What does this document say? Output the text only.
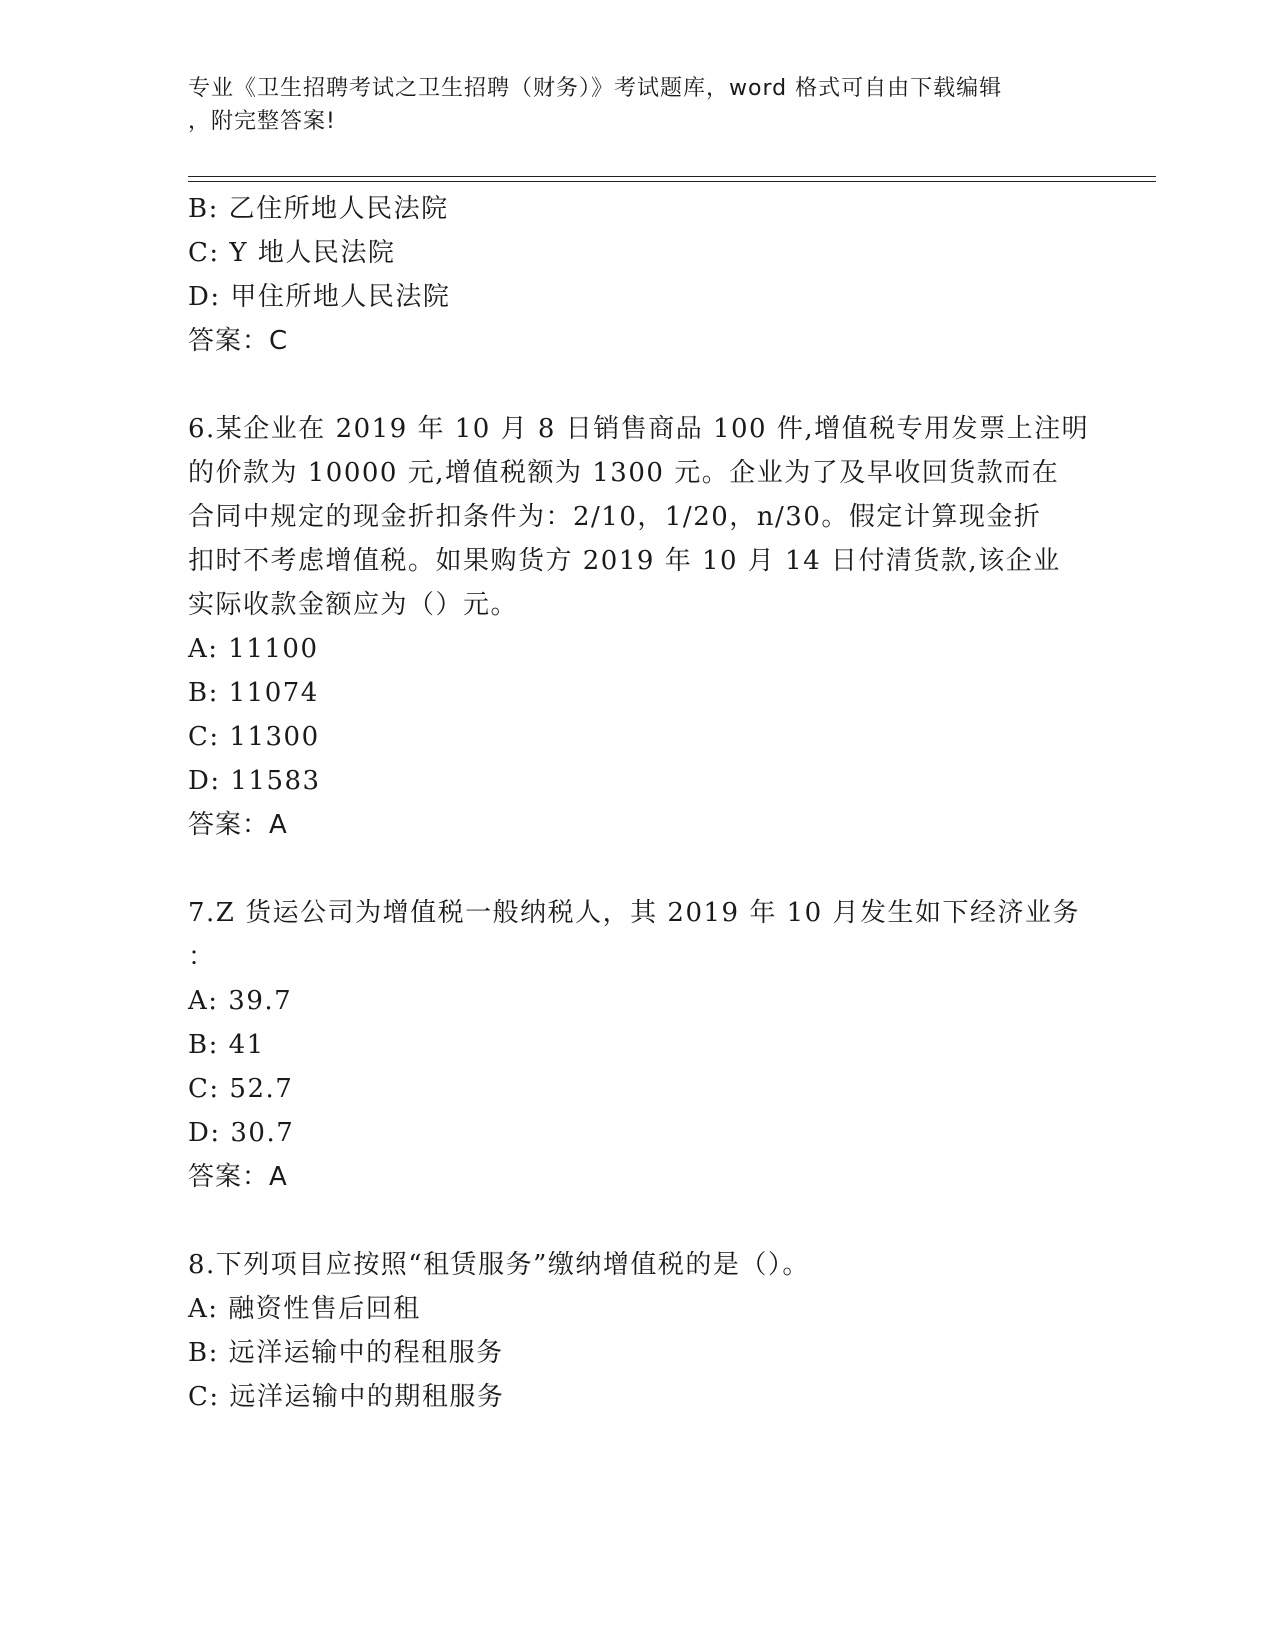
专业《卫生招聘考试之卫生招聘（财务）》考试题库，word 格式可自由下载编辑
，附完整答案!
B: 乙住所地人民法院
C: Y 地人民法院
D: 甲住所地人民法院
答案：C
6.某企业在 2019 年 10 月 8 日销售商品 100 件,增值税专用发票上注明
的价款为 10000 元,增值税额为 1300 元。企业为了及早收回货款而在
合同中规定的现金折扣条件为：2/10，1/20，n/30。假定计算现金折
扣时不考虑增值税。如果购货方 2019 年 10 月 14 日付清货款,该企业
实际收款金额应为（）元。
A: 11100
B: 11074
C: 11300
D: 11583
答案：A
7.Z 货运公司为增值税一般纳税人，其 2019 年 10 月发生如下经济业务
：
A: 39.7
B: 41
C: 52.7
D: 30.7
答案：A
8.下列项目应按照“租赁服务”缴纳增值税的是（）。
A: 融资性售后回租
B: 远洋运输中的程租服务
C: 远洋运输中的期租服务
